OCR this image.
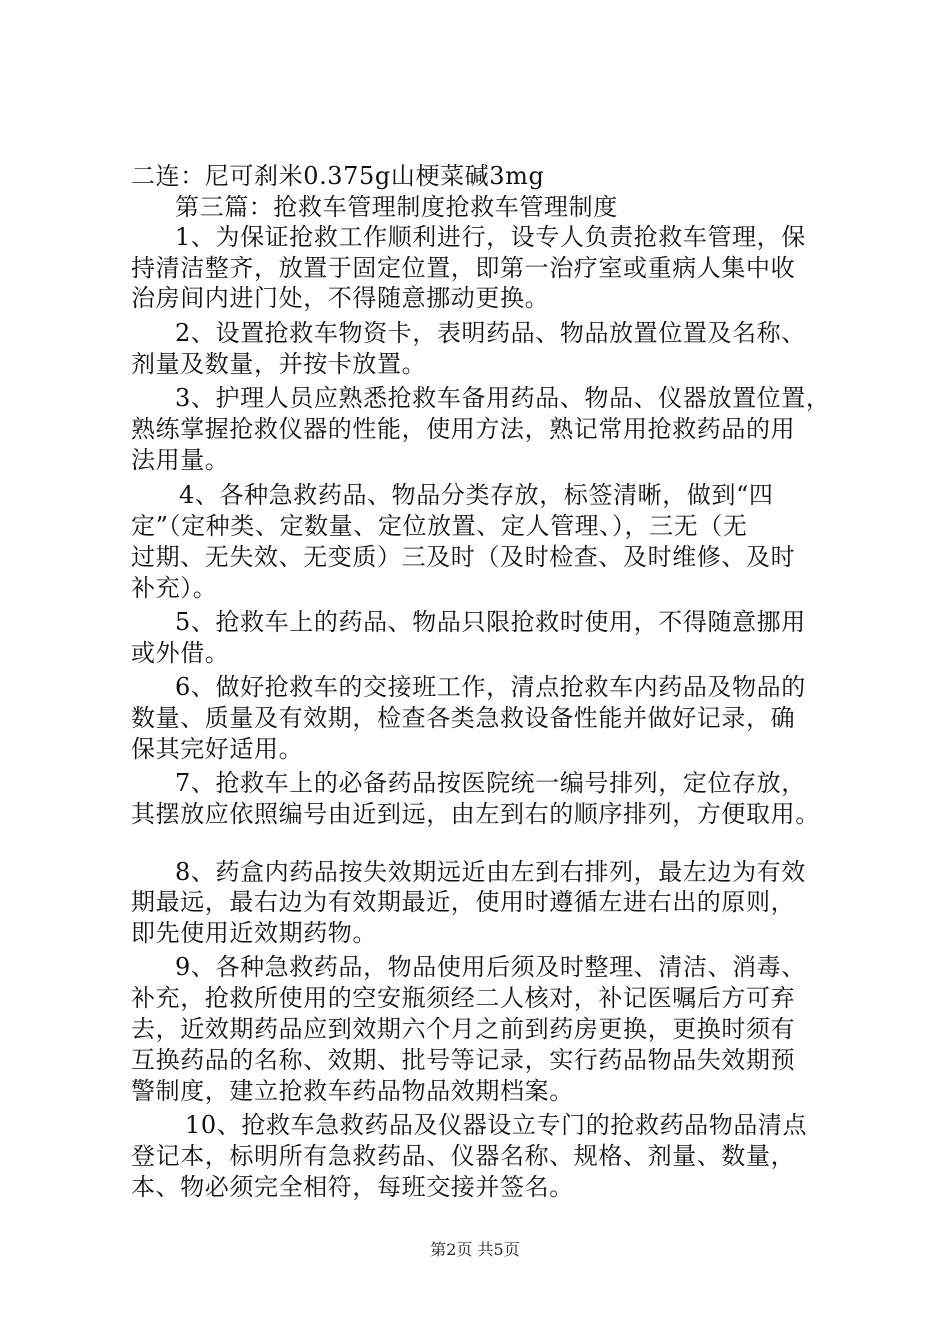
二连：尼可刹米0.375g山梗菜碱3mg
第三篇：抢救车管理制度抢救车管理制度
1、为保证抢救工作顺利进行，设专人负责抢救车管理，保
持清洁整齐，放置于固定位置，即第一治疗室或重病人集中收
治房间内进门处，不得随意挪动更换。
2、设置抢救车物资卡，表明药品、物品放置位置及名称、
剂量及数量，并按卡放置。
3、护理人员应熟悉抢救车备用药品、物品、仪器放置位置，
熟练掌握抢救仪器的性能，使用方法，熟记常用抢救药品的用
法用量。
4、各种急救药品、物品分类存放，标签清晰，做到“四
定”（定种类、定数量、定位放置、定人管理、），三无（无
过期、无失效、无变质）三及时（及时检查、及时维修、及时
补充）。
5、抢救车上的药品、物品只限抢救时使用，不得随意挪用
或外借。
6、做好抢救车的交接班工作，清点抢救车内药品及物品的
数量、质量及有效期，检查各类急救设备性能并做好记录，确
保其完好适用。
7、抢救车上的必备药品按医院统一编号排列，定位存放，
其摆放应依照编号由近到远，由左到右的顺序排列，方便取用。
8、药盒内药品按失效期远近由左到右排列，最左边为有效
期最远，最右边为有效期最近，使用时遵循左进右出的原则，
即先使用近效期药物。
9、各种急救药品，物品使用后须及时整理、清洁、消毒、
补充，抢救所使用的空安瓶须经二人核对，补记医嘱后方可弃
去，近效期药品应到效期六个月之前到药房更换，更换时须有
互换药品的名称、效期、批号等记录，实行药品物品失效期预
警制度，建立抢救车药品物品效期档案。
10、抢救车急救药品及仪器设立专门的抢救药品物品清点
登记本，标明所有急救药品、仪器名称、规格、剂量、数量，
本、物必须完全相符，每班交接并签名。
第2页 共5页
